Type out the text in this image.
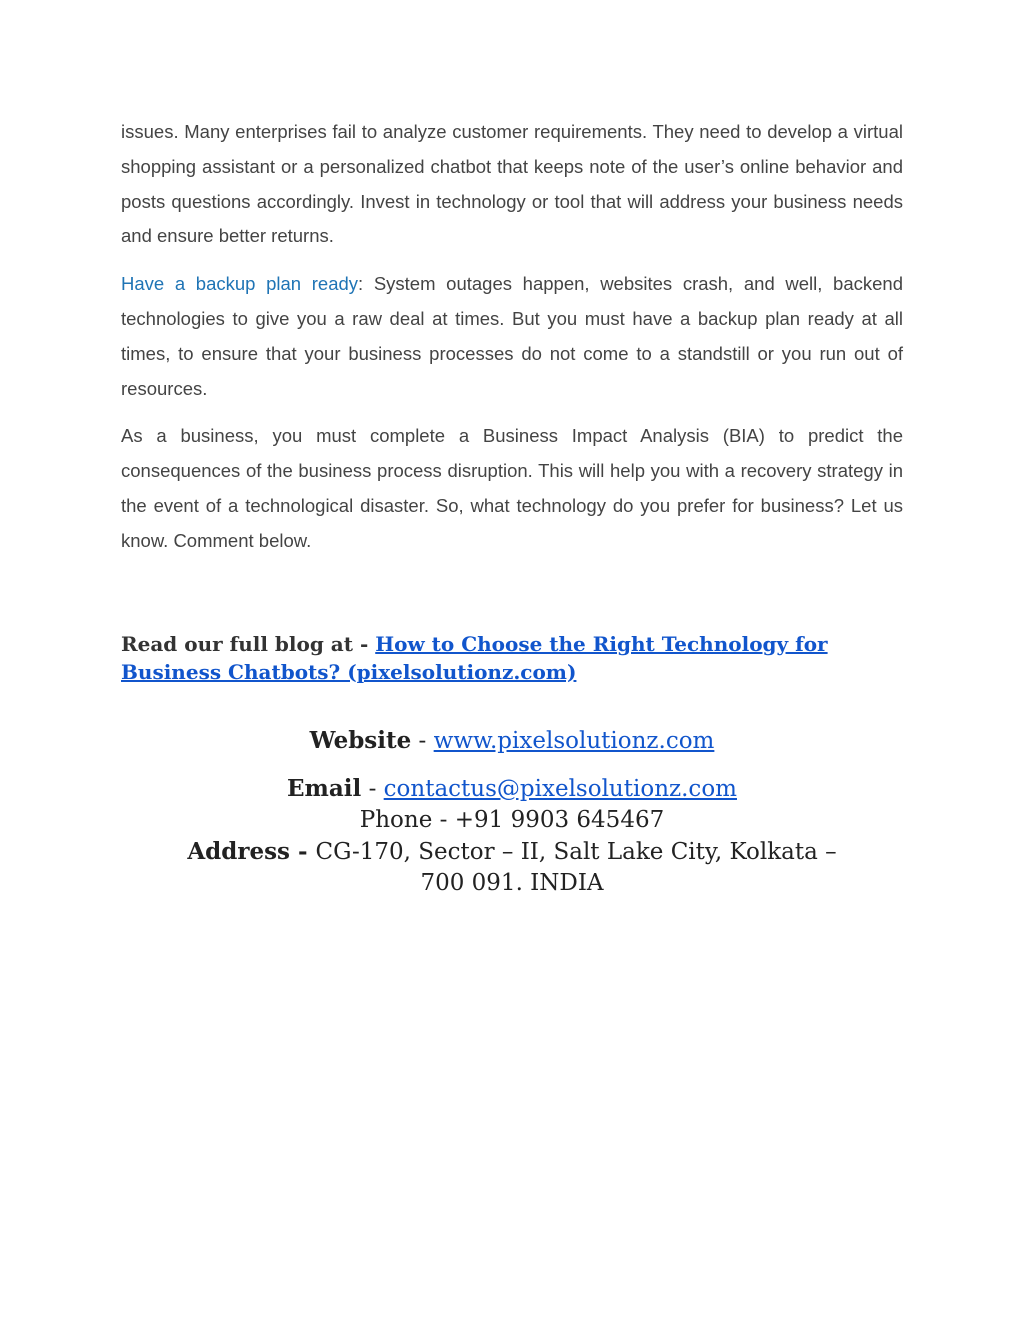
issues. Many enterprises fail to analyze customer requirements. They need to develop a virtual shopping assistant or a personalized chatbot that keeps note of the user’s online behavior and posts questions accordingly. Invest in technology or tool that will address your business needs and ensure better returns.

Have a backup plan ready: System outages happen, websites crash, and well, backend technologies to give you a raw deal at times. But you must have a backup plan ready at all times, to ensure that your business processes do not come to a standstill or you run out of resources.

As a business, you must complete a Business Impact Analysis (BIA) to predict the consequences of the business process disruption. This will help you with a recovery strategy in the event of a technological disaster. So, what technology do you prefer for business? Let us know. Comment below.

Read our full blog at - How to Choose the Right Technology for Business Chatbots? (pixelsolutionz.com)

Website - www.pixelsolutionz.com

Email - contactus@pixelsolutionz.com

Phone - +91 9903 645467

Address - CG-170, Sector – II, Salt Lake City, Kolkata –

700 091. INDIA
